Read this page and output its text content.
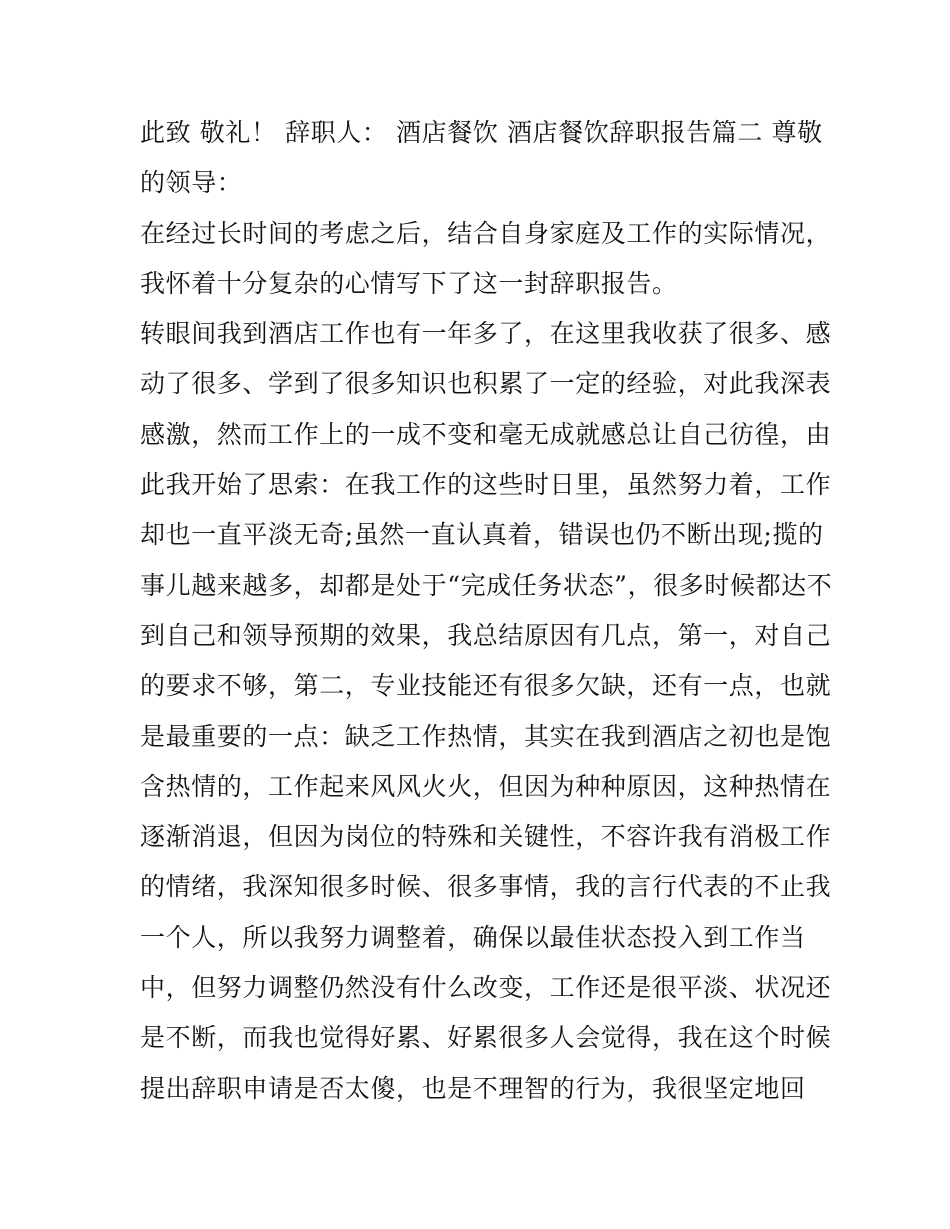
此致 敬礼！ 辞职人： 酒店餐饮 酒店餐饮辞职报告篇二 尊敬
的领导：
在经过长时间的考虑之后，结合自身家庭及工作的实际情况，
我怀着十分复杂的心情写下了这一封辞职报告。
转眼间我到酒店工作也有一年多了，在这里我收获了很多、感
动了很多、学到了很多知识也积累了一定的经验，对此我深表
感激，然而工作上的一成不变和毫无成就感总让自己彷徨，由
此我开始了思索：在我工作的这些时日里，虽然努力着，工作
却也一直平淡无奇;虽然一直认真着，错误也仍不断出现;揽的
事儿越来越多，却都是处于“完成任务状态”，很多时候都达不
到自己和领导预期的效果，我总结原因有几点，第一，对自己
的要求不够，第二，专业技能还有很多欠缺，还有一点，也就
是最重要的一点：缺乏工作热情，其实在我到酒店之初也是饱
含热情的，工作起来风风火火，但因为种种原因，这种热情在
逐渐消退，但因为岗位的特殊和关键性，不容许我有消极工作
的情绪，我深知很多时候、很多事情，我的言行代表的不止我
一个人，所以我努力调整着，确保以最佳状态投入到工作当
中，但努力调整仍然没有什么改变，工作还是很平淡、状况还
是不断，而我也觉得好累、好累很多人会觉得，我在这个时候
提出辞职申请是否太傻，也是不理智的行为，我很坚定地回
